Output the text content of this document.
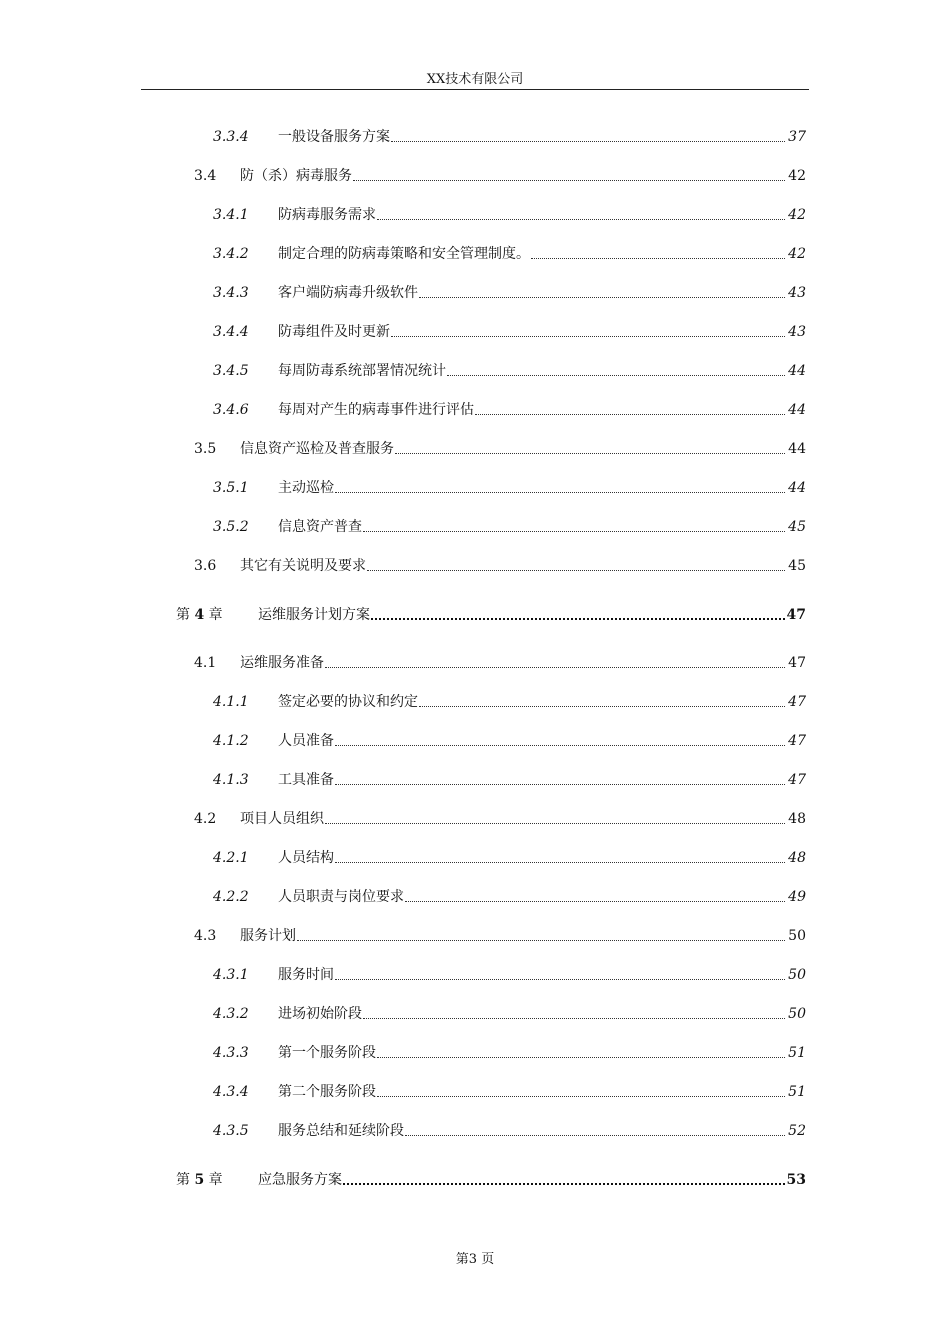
XX技术有限公司
3.3.4	一般设备服务方案	37
3.4	防（杀）病毒服务	42
3.4.1	防病毒服务需求	42
3.4.2	制定合理的防病毒策略和安全管理制度。	42
3.4.3	客户端防病毒升级软件	43
3.4.4	防毒组件及时更新	43
3.4.5	每周防毒系统部署情况统计	44
3.4.6	每周对产生的病毒事件进行评估	44
3.5	信息资产巡检及普查服务	44
3.5.1	主动巡检	44
3.5.2	信息资产普查	45
3.6	其它有关说明及要求	45
第 4 章	运维服务计划方案	47
4.1	运维服务准备	47
4.1.1	签定必要的协议和约定	47
4.1.2	人员准备	47
4.1.3	工具准备	47
4.2	项目人员组织	48
4.2.1	人员结构	48
4.2.2	人员职责与岗位要求	49
4.3	服务计划	50
4.3.1	服务时间	50
4.3.2	进场初始阶段	50
4.3.3	第一个服务阶段	51
4.3.4	第二个服务阶段	51
4.3.5	服务总结和延续阶段	52
第 5 章	应急服务方案	53
第3 页
